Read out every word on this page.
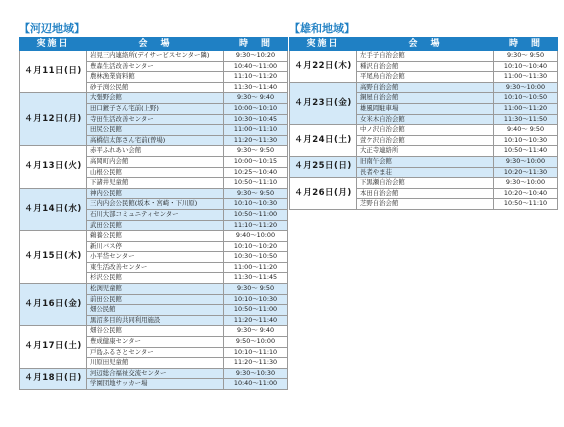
【河辺地域】
実施日	会　場	時　間
４月11日(日)	岩見三内連絡所(デイサービスセンター隣)	9:30～10:20
	豊森生活改善センター	10:40～11:00
	農林漁業資料館	11:10～11:20
	砂子渕公民館	11:30～11:40
４月12日(月)	大張野会館	9:30～ 9:40
	田口鍍子さん宅前(上野)	10:00～10:10
	寺田生活改善センター	10:30～10:45
	田尻公民館	11:00～11:10
	高橋信太郎さん宅前(曽場)	11:20～11:30
４月13日(火)	赤平ふれあい会館	9:30～ 9:50
	高岡町内会館	10:00～10:15
	山根公民館	10:25～10:40
	下諸井児童館	10:50～11:10
４月14日(水)	神内公民館	9:30～ 9:50
	三内内会公民館(坂本・宮崎・下川原)	10:10～10:30
	石川大部コミュニティセンター	10:50～11:00
	武田公民館	11:10～11:20
４月15日(木)	鵜養公民館	9:40～10:00
	新川バス停	10:10～10:20
	小平岱センター	10:30～10:50
	東生活改善センター	11:00～11:20
	杉沢公民館	11:30～11:45
４月16日(金)	松渕児童館	9:30～ 9:50
	前田公民館	10:10～10:30
	畑公民館	10:50～11:00
	黒沼多目的共同利用施設	11:20～11:40
４月17日(土)	畑谷公民館	9:30～ 9:40
	豊成健康センター	9:50～10:00
	戸島ふるさとセンター	10:10～11:10
	川原田児童館	11:20～11:30
４月18日(日)	河辺総合福祉交流センター	9:30～10:30
	学園団地サッカー場	10:40～11:00
【雄和地域】
実施日	会　場	時　間
４月22日(木)	左手子自治会館	9:30～ 9:50
	種沢自治会館	10:10～10:40
	平尾鳥自治会館	11:00～11:30
４月23日(金)	高野自治会館	9:30～10:00
	銅屋自治会館	10:10～10:50
	雄風岡駐車場	11:00～11:20
	女米木自治会館	11:30～11:50
４月24日(土)	中ノ沢自治会館	9:40～ 9:50
	萱ケ沢自治会館	10:10～10:30
	大正寺連絡所	10:50～11:40
４月25日(日)	旧南午会館	9:30～10:00
	長者やま荘	10:20～11:30
４月26日(月)	下黒瀬自治会館	9:30～10:00
	本田自治会館	10:20～10:40
	芝野自治会館	10:50～11:10
